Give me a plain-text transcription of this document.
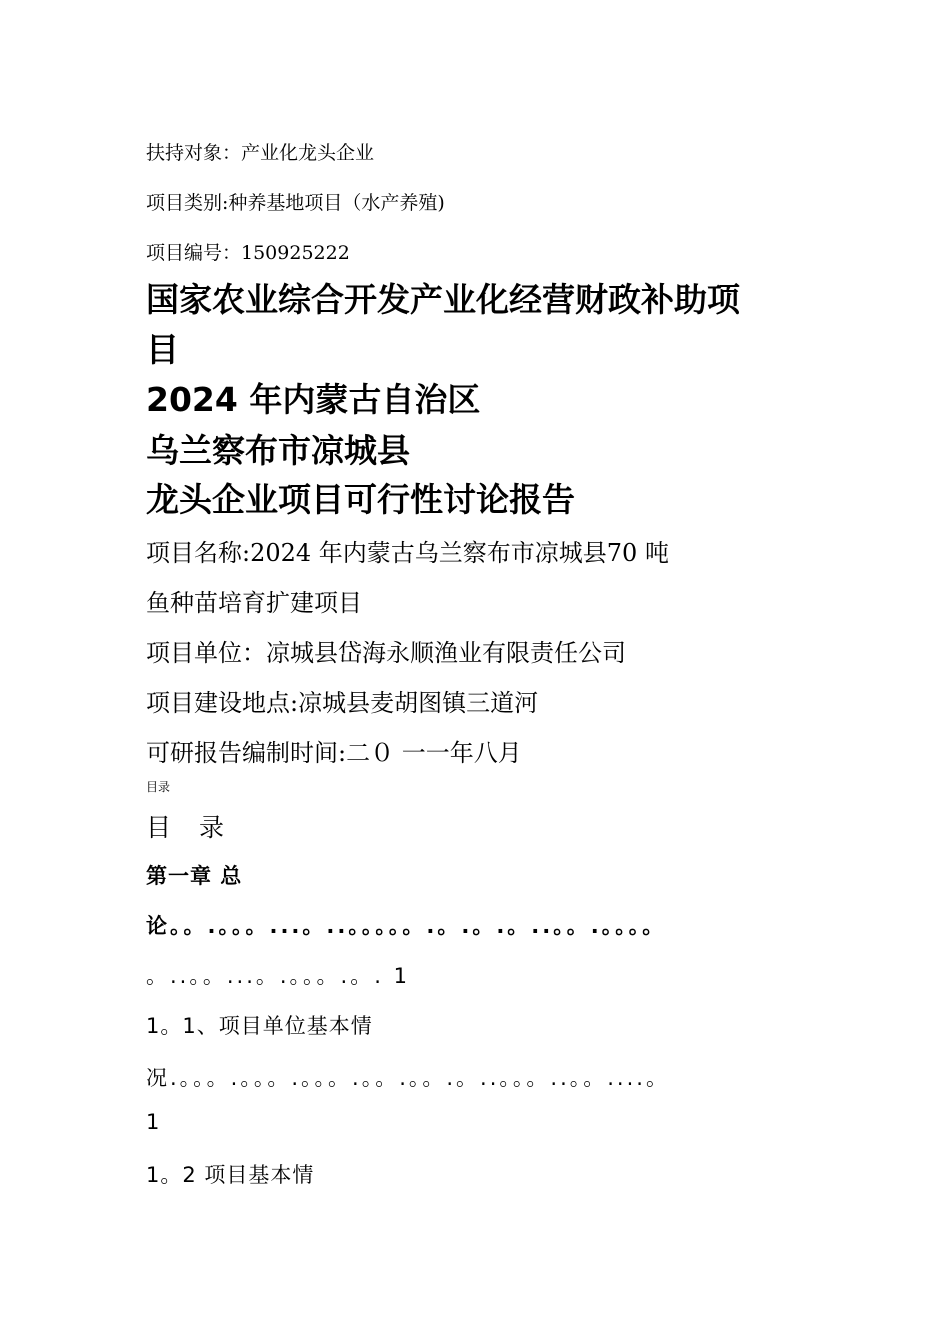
扶持对象：产业化龙头企业
项目类别:种养基地项目（水产养殖)
项目编号：150925222
国家农业综合开发产业化经营财政补助项
目
2024 年内蒙古自治区
乌兰察布市凉城县
龙头企业项目可行性讨论报告
项目名称:2024 年内蒙古乌兰察布市凉城县70 吨
鱼种苗培育扩建项目
项目单位：凉城县岱海永顺渔业有限责任公司
项目建设地点:凉城县麦胡图镇三道河
可研报告编制时间:二０ 一一年八月
目录
目 录
第一章 总
论。。.。。。...。..。。。。。.。.。.。..。。.。。。。
。..。。...。.。。。.。. 1
1。1、项目单位基本情
况.。。。.。。。.。。。.。。.。。.。..。。。..。。....。
1
1。2 项目基本情
